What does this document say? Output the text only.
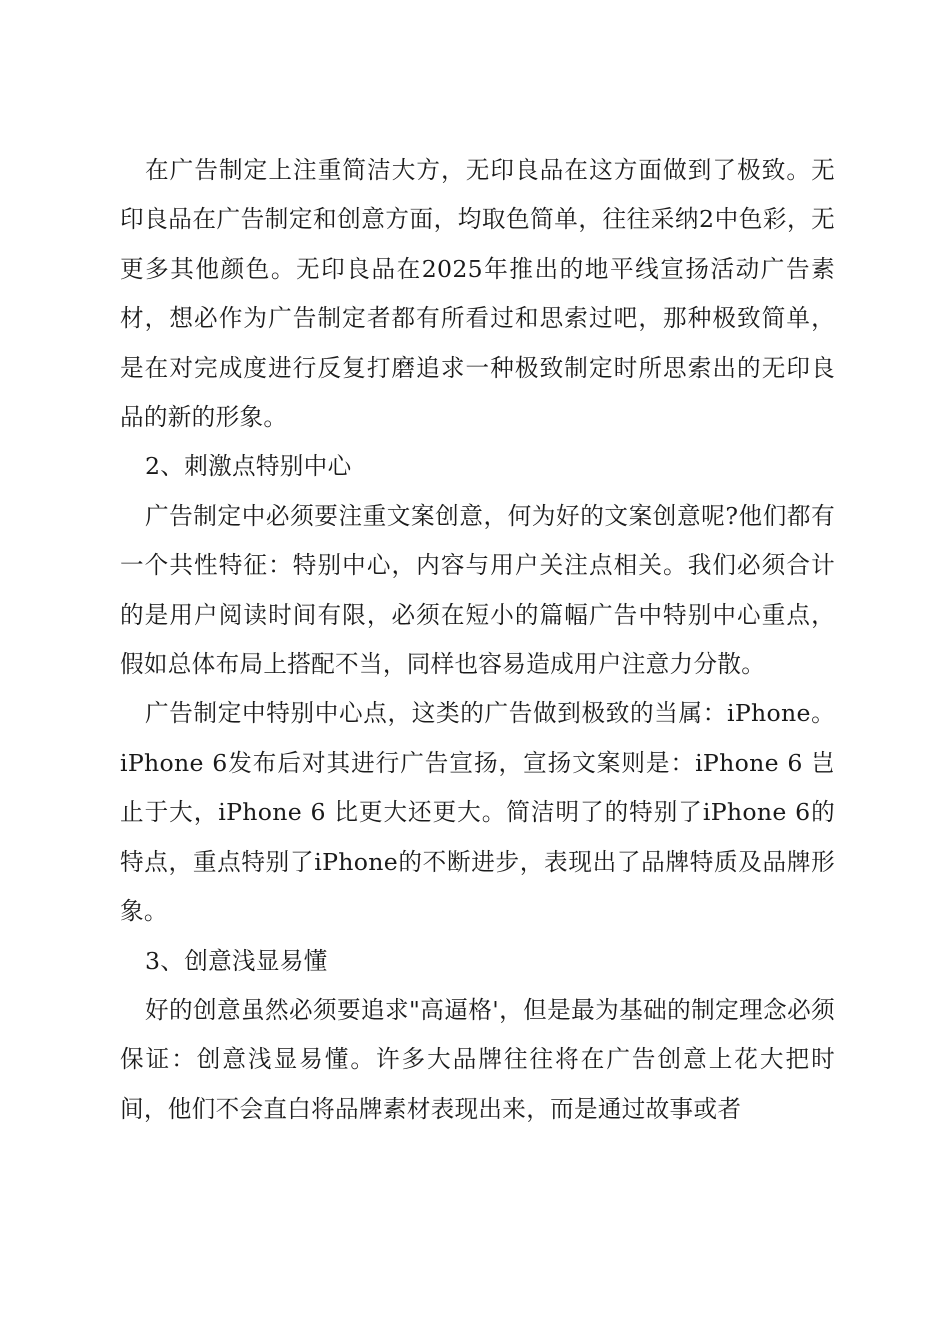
在广告制定上注重简洁大方，无印良品在这方面做到了极致。无印良品在广告制定和创意方面，均取色简单，往往采纳2中色彩，无更多其他颜色。无印良品在2025年推出的地平线宣扬活动广告素材，想必作为广告制定者都有所看过和思索过吧，那种极致简单，是在对完成度进行反复打磨追求一种极致制定时所思索出的无印良品的新的形象。

2、刺激点特别中心

广告制定中必须要注重文案创意，何为好的文案创意呢?他们都有一个共性特征：特别中心，内容与用户关注点相关。我们必须合计的是用户阅读时间有限，必须在短小的篇幅广告中特别中心重点，假如总体布局上搭配不当，同样也容易造成用户注意力分散。

广告制定中特别中心点，这类的广告做到极致的当属：iPhone。iPhone 6发布后对其进行广告宣扬，宣扬文案则是：iPhone 6 岂止于大，iPhone 6 比更大还更大。简洁明了的特别了iPhone 6的特点，重点特别了iPhone的不断进步，表现出了品牌特质及品牌形象。

3、创意浅显易懂

好的创意虽然必须要追求"高逼格'，但是最为基础的制定理念必须保证：创意浅显易懂。许多大品牌往往将在广告创意上花大把时间，他们不会直白将品牌素材表现出来，而是通过故事或者
